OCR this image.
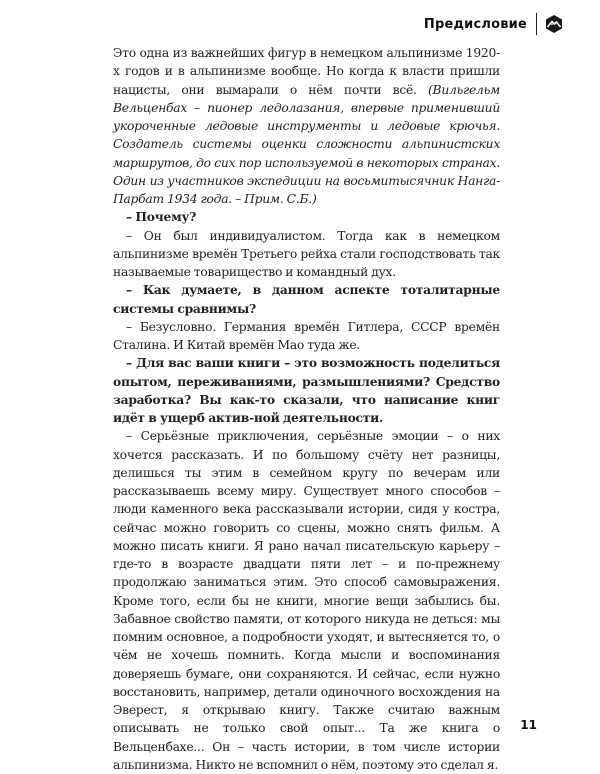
Предисловие

Это одна из важнейших фигур в немецком альпинизме 1920-х годов и в альпинизме вообще. Но когда к власти пришли нацисты, они вымарали о нём почти всё. (Вильгельм Вельценбах – пионер ледолазания, впервые применивший укороченные ледовые инструменты и ледовые крючья. Создатель системы оценки сложности альпинистских маршрутов, до сих пор используемой в некоторых странах. Один из участников экспедиции на восьмитысячник Нанга-Парбат 1934 года. – Прим. С.Б.)

– Почему?

– Он был индивидуалистом. Тогда как в немецком альпинизме времён Третьего рейха стали господствовать так называемые товарищество и командный дух.

– Как думаете, в данном аспекте тоталитарные системы сравнимы?

– Безусловно. Германия времён Гитлера, СССР времён Сталина. И Китай времён Мао туда же.

– Для вас ваши книги – это возможность поделиться опытом, переживаниями, размышлениями? Средство заработка? Вы как-то сказали, что написание книг идёт в ущерб актив-ной деятельности.

– Серьёзные приключения, серьёзные эмоции – о них хочется рассказать. И по большому счёту нет разницы, делишься ты этим в семейном кругу по вечерам или рассказываешь всему миру. Существует много способов – люди каменного века рассказывали истории, сидя у костра, сейчас можно говорить со сцены, можно снять фильм. А можно писать книги. Я рано начал писательскую карьеру – где-то в возрасте двадцати пяти лет – и по-прежнему продолжаю заниматься этим. Это способ самовыражения. Кроме того, если бы не книги, многие вещи забылись бы. Забавное свойство памяти, от которого никуда не деться: мы помним основное, а подробности уходят, и вытесняется то, о чём не хочешь помнить. Когда мысли и воспоминания доверяешь бумаге, они сохраняются. И сейчас, если нужно восстановить, например, детали одиночного восхождения на Эверест, я открываю книгу. Также считаю важным описывать не только свой опыт... Та же книга о Вельценбахе... Он – часть истории, в том числе истории альпинизма. Никто не вспомнил о нём, поэтому это сделал я.

11
